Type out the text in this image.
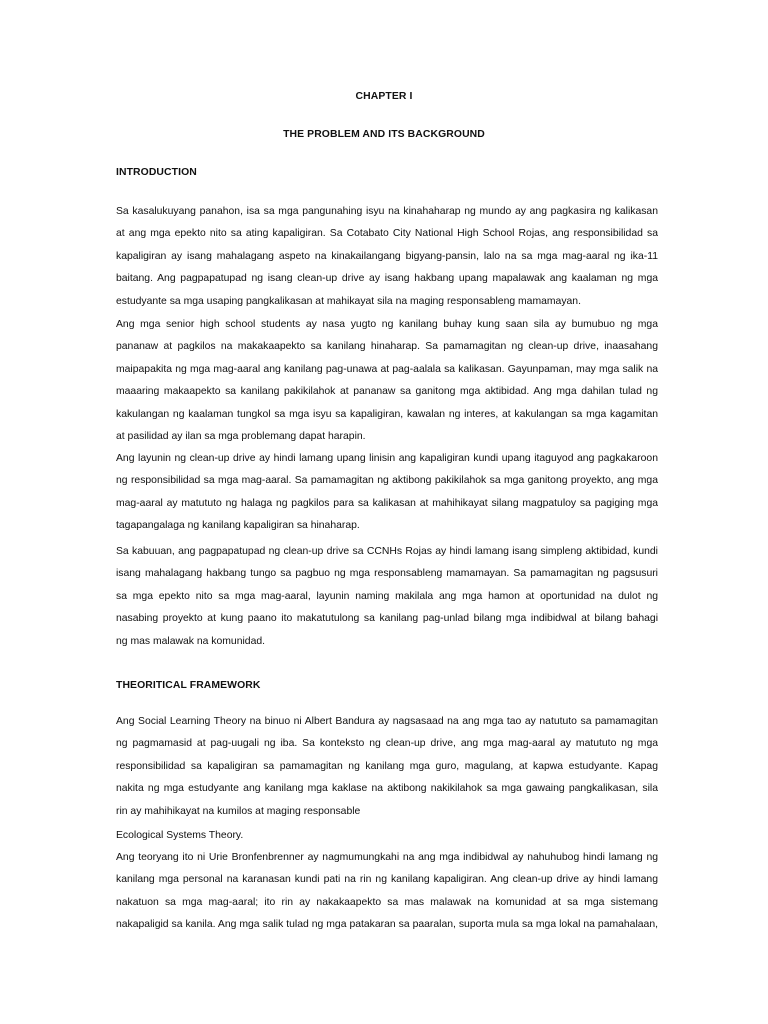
CHAPTER I
THE PROBLEM AND ITS BACKGROUND
INTRODUCTION
Sa kasalukuyang panahon, isa sa mga pangunahing isyu na kinahaharap ng mundo ay ang pagkasira ng kalikasan
at ang mga epekto nito sa ating kapaligiran. Sa Cotabato City National High School Rojas, ang responsibilidad sa
kapaligiran ay isang mahalagang aspeto na kinakailangang bigyang-pansin, lalo na sa mga mag-aaral ng ika-11
baitang. Ang pagpapatupad ng isang clean-up drive ay isang hakbang upang mapalawak ang kaalaman ng mga
estudyante sa mga usaping pangkalikasan at mahikayat sila na maging responsableng mamamayan.
Ang mga senior high school students ay nasa yugto ng kanilang buhay kung saan sila ay bumubuo ng mga
pananaw at pagkilos na makakaapekto sa kanilang hinaharap. Sa pamamagitan ng clean-up drive, inaasahang
maipapakita ng mga mag-aaral ang kanilang pag-unawa at pag-aalala sa kalikasan. Gayunpaman, may mga salik na
maaaring makaapekto sa kanilang pakikilahok at pananaw sa ganitong mga aktibidad. Ang mga dahilan tulad ng
kakulangan ng kaalaman tungkol sa mga isyu sa kapaligiran, kawalan ng interes, at kakulangan sa mga kagamitan
at pasilidad ay ilan sa mga problemang dapat harapin.
Ang layunin ng clean-up drive ay hindi lamang upang linisin ang kapaligiran kundi upang itaguyod ang pagkakaroon
ng responsibilidad sa mga mag-aaral. Sa pamamagitan ng aktibong pakikilahok sa mga ganitong proyekto, ang mga
mag-aaral ay matututo ng halaga ng pagkilos para sa kalikasan at mahihikayat silang magpatuloy sa pagiging mga
tagapangalaga ng kanilang kapaligiran sa hinaharap.
Sa kabuuan, ang pagpapatupad ng clean-up drive sa CCNHs Rojas ay hindi lamang isang simpleng aktibidad, kundi
isang mahalagang hakbang tungo sa pagbuo ng mga responsableng mamamayan. Sa pamamagitan ng pagsusuri
sa mga epekto nito sa mga mag-aaral, layunin naming makilala ang mga hamon at oportunidad na dulot ng
nasabing proyekto at kung paano ito makatutulong sa kanilang pag-unlad bilang mga indibidwal at bilang bahagi
ng mas malawak na komunidad.
THEORITICAL FRAMEWORK
Ang Social Learning Theory na binuo ni Albert Bandura ay nagsasaad na ang mga tao ay natututo sa pamamagitan
ng pagmamasid at pag-uugali ng iba. Sa konteksto ng clean-up drive, ang mga mag-aaral ay matututo ng mga
responsibilidad sa kapaligiran sa pamamagitan ng kanilang mga guro, magulang, at kapwa estudyante. Kapag
nakita ng mga estudyante ang kanilang mga kaklase na aktibong nakikilahok sa mga gawaing pangkalikasan, sila
rin ay mahihikayat na kumilos at maging responsable
Ecological Systems Theory.
Ang teoryang ito ni Urie Bronfenbrenner ay nagmumungkahi na ang mga indibidwal ay nahuhubog hindi lamang ng
kanilang mga personal na karanasan kundi pati na rin ng kanilang kapaligiran. Ang clean-up drive ay hindi lamang
nakatuon sa mga mag-aaral; ito rin ay nakakaapekto sa mas malawak na komunidad at sa mga sistemang
nakapaligid sa kanila. Ang mga salik tulad ng mga patakaran sa paaralan, suporta mula sa mga lokal na pamahalaan,
